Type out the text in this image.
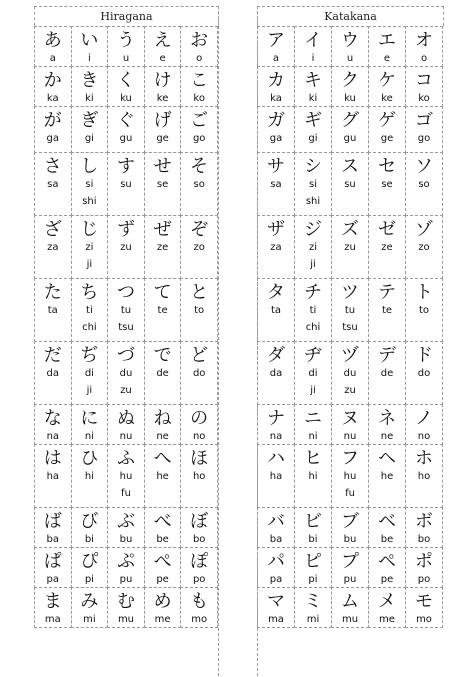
Hiragana
あ
a
い
i
う
u
え
e
お
o
か
ka
き
ki
く
ku
け
ke
こ
ko
が
ga
ぎ
gi
ぐ
gu
げ
ge
ご
go
さ
sa
し
si
shi
す
su
せ
se
そ
so
ざ
za
じ
zi
ji
ず
zu
ぜ
ze
ぞ
zo
た
ta
ち
ti
chi
つ
tu
tsu
て
te
と
to
だ
da
ぢ
di
ji
づ
du
zu
で
de
ど
do
な
na
に
ni
ぬ
nu
ね
ne
の
no
は
ha
ひ
hi
ふ
hu
fu
へ
he
ほ
ho
ば
ba
び
bi
ぶ
bu
べ
be
ぼ
bo
ぱ
pa
ぴ
pi
ぷ
pu
ぺ
pe
ぽ
po
ま
ma
み
mi
む
mu
め
me
も
mo
Katakana
ア
a
イ
i
ウ
u
エ
e
オ
o
カ
ka
キ
ki
ク
ku
ケ
ke
コ
ko
ガ
ga
ギ
gi
グ
gu
ゲ
ge
ゴ
go
サ
sa
シ
si
shi
ス
su
セ
se
ソ
so
ザ
za
ジ
zi
ji
ズ
zu
ゼ
ze
ゾ
zo
タ
ta
チ
ti
chi
ツ
tu
tsu
テ
te
ト
to
ダ
da
ヂ
di
ji
ヅ
du
zu
デ
de
ド
do
ナ
na
ニ
ni
ヌ
nu
ネ
ne
ノ
no
ハ
ha
ヒ
hi
フ
hu
fu
ヘ
he
ホ
ho
バ
ba
ビ
bi
ブ
bu
ベ
be
ボ
bo
パ
pa
ピ
pi
プ
pu
ペ
pe
ポ
po
マ
ma
ミ
mi
ム
mu
メ
me
モ
mo
